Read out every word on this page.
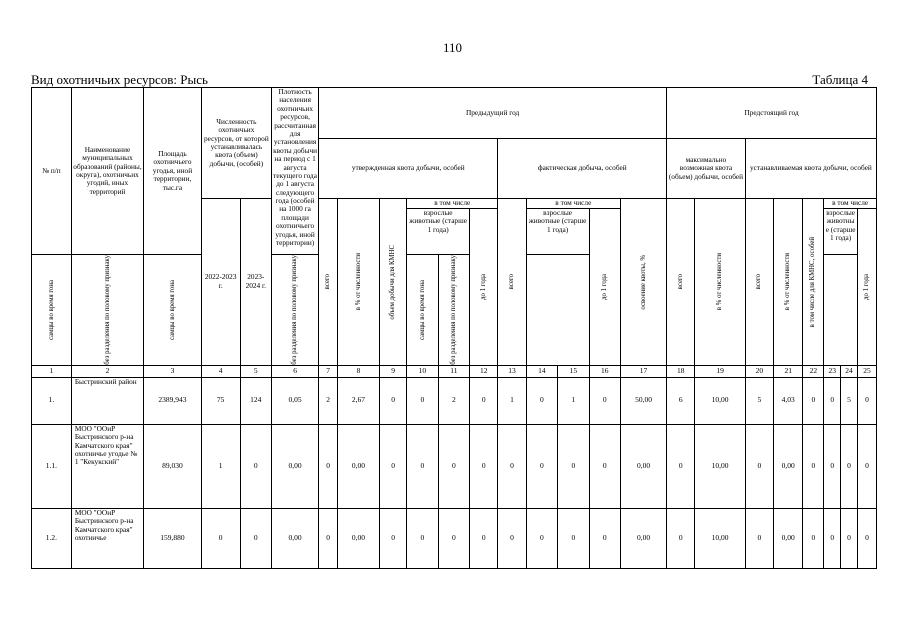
110
Вид охотничьих ресурсов: Рысь	Таблица 4
№ п/п	Наименование муниципальных образований (районы, округа), охотничьих угодий, иных территорий	Площадь охотничьего угодья, иной территории, тыс.га	Численность охотничьих ресурсов, от которой устанавливалась квота (объем) добычи, (особей)		Плотность населения охотничьих ресурсов, рассчитанная для установления квоты добычи на период с 1 августа текущего года до 1 августа следующего года (особей на 1000 га площади охотничьего угодья, иной территории)	Предыдущий год											Предстоящий год							
						утвержденная квота добычи, особей						фактическая добыча, особей					максимально возможная квота (объем) добычи, особей		устанавливаемая квота добычи, особей					
			2022-2023 г.	2023-2024 г.		всего	в % от численности	объем добычи для КМНС	в том числе			всего	в том числе			освоение квоты, %	всего	в % от численности	всего	в % от численности	в том числе для КМНС, особей	в том числе		
									взрослые животные (старше 1 года)		до 1 года		взрослые животные (старше 1 года)		до 1 года							взрослые животные (старше 1 года)		до 1 года

самцы во время гона	без разделения по половому признаку	самцы во время гона			без разделения по половому признаку				самцы во время гона	без разделения по половому признаку														

1	2	3	4	5	6	7	8	9	10	11	12	13	14	15	16	17	18	19	20	21	22	23	24	25
1.	Быстринский район	2389,943	75	124	0,05	2	2,67	0	0	2	0	1	0	1	0	50,00	6	10,00	5	4,03	0	0	5	0
1.1.	МОО "ООиР Быстринского р-на Камчатского края" охотничье угодье № 1 "Кекукский"	89,030	1	0	0,00	0	0,00	0	0	0	0	0	0	0	0	0,00	0	10,00	0	0,00	0	0	0	0
1.2.	МОО "ООиР Быстринского р-на Камчатского края" охотничье	159,880	0	0	0,00	0	0,00	0	0	0	0	0	0	0	0	0,00	0	10,00	0	0,00	0	0	0	0
